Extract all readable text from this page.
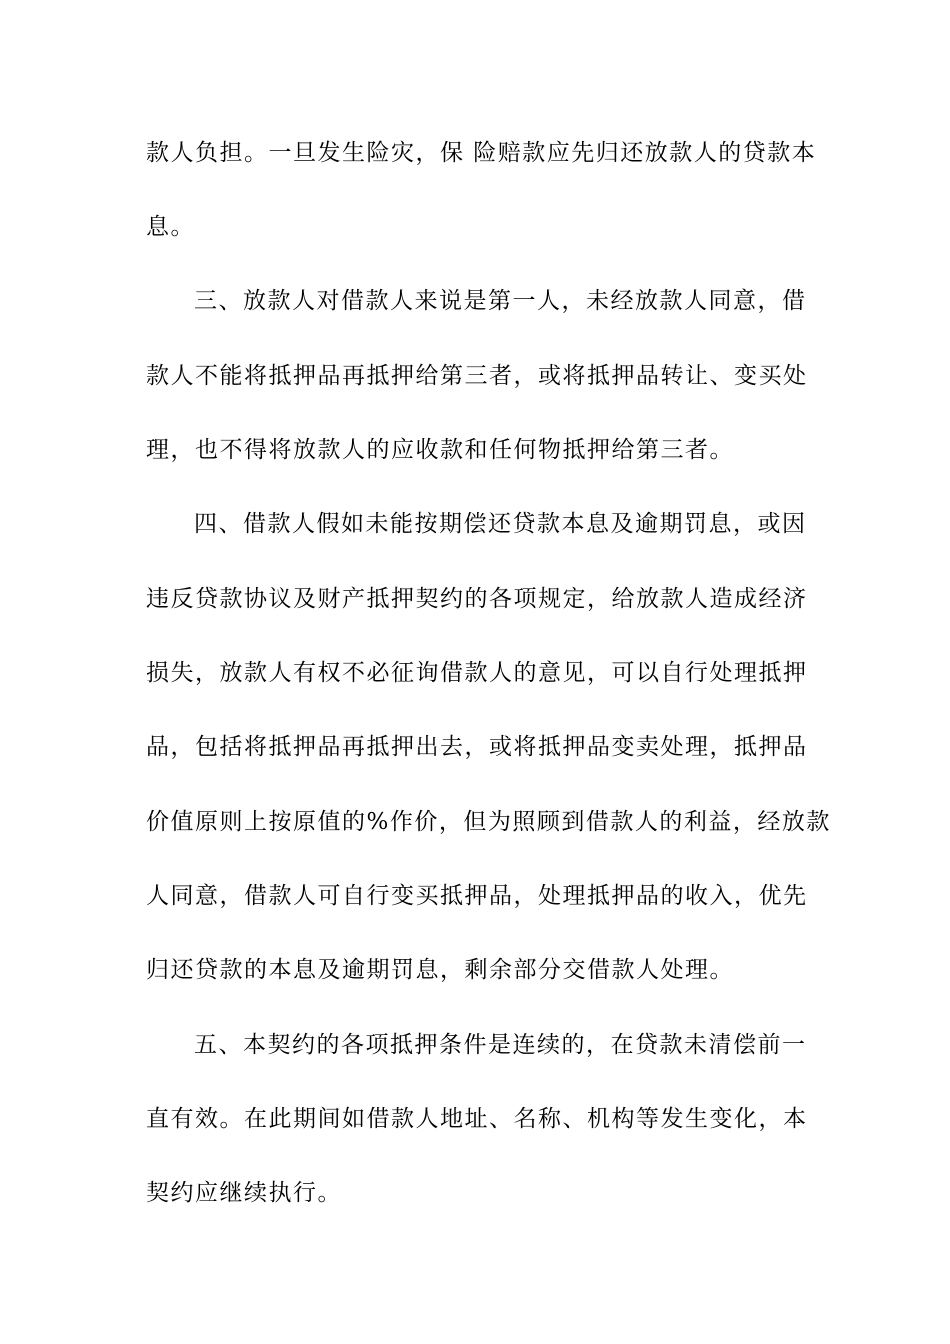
款人负担。一旦发生险灾，保 险赔款应先归还放款人的贷款本
息。
三、放款人对借款人来说是第一人，未经放款人同意，借
款人不能将抵押品再抵押给第三者，或将抵押品转让、变买处
理，也不得将放款人的应收款和任何物抵押给第三者。
四、借款人假如未能按期偿还贷款本息及逾期罚息，或因
违反贷款协议及财产抵押契约的各项规定，给放款人造成经济
损失，放款人有权不必征询借款人的意见，可以自行处理抵押
品，包括将抵押品再抵押出去，或将抵押品变卖处理，抵押品
价值原则上按原值的%作价，但为照顾到借款人的利益，经放款
人同意，借款人可自行变买抵押品，处理抵押品的收入，优先
归还贷款的本息及逾期罚息，剩余部分交借款人处理。
五、本契约的各项抵押条件是连续的，在贷款未清偿前一
直有效。在此期间如借款人地址、名称、机构等发生变化，本
契约应继续执行。
